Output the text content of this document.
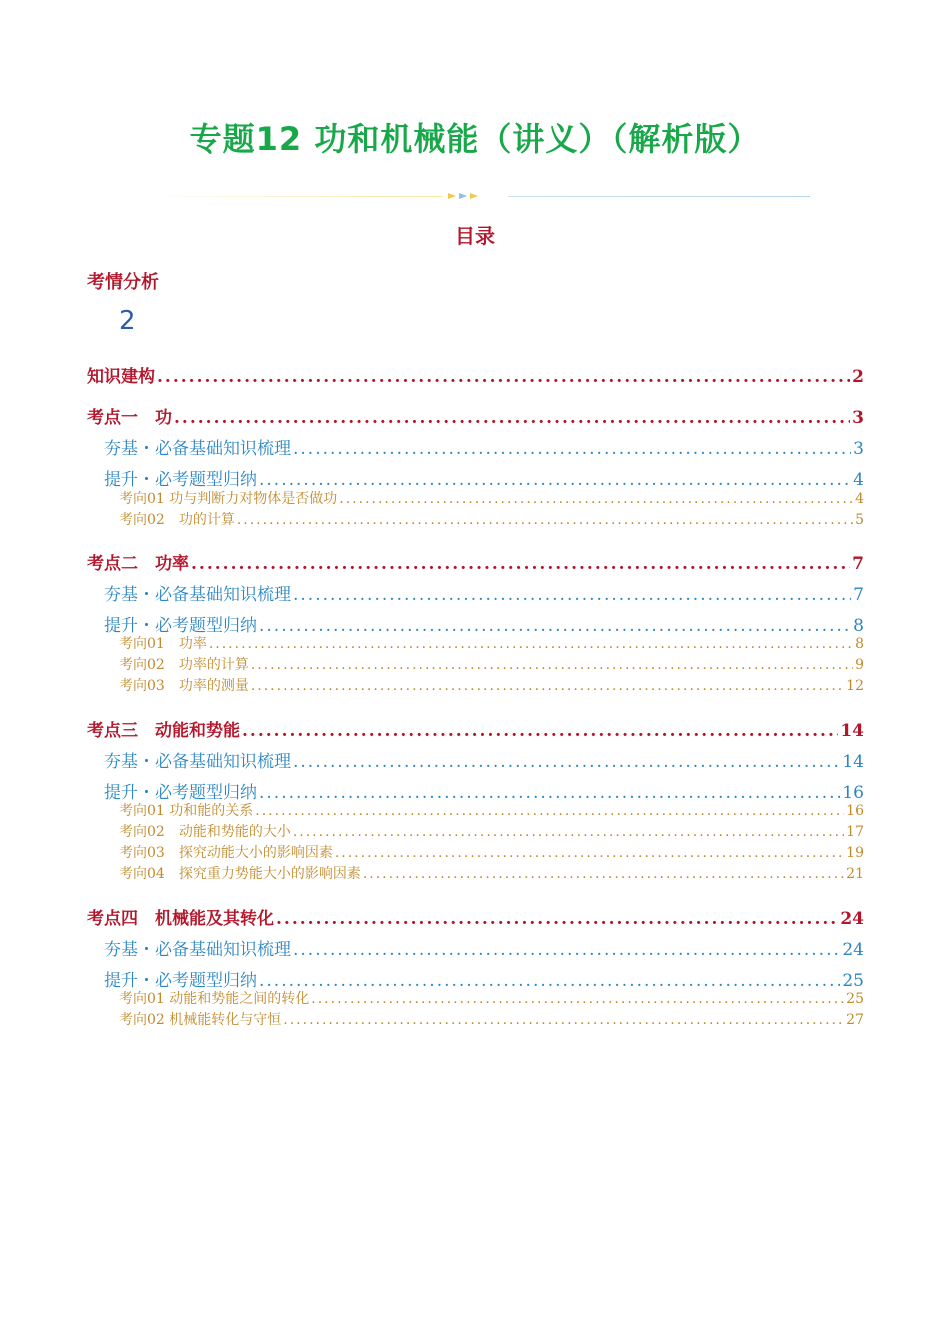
专题12 功和机械能（讲义）（解析版）
目录
考情分析
2
知识建构 .....	2
考点一　功 .....	3
夯基・必备基础知识梳理 .....	3
提升・必考题型归纳 .....	4
考向01 功与判断力对物体是否做功 .....	4
考向02　功的计算 .....	5
考点二　功率 .....	7
夯基・必备基础知识梳理 .....	7
提升・必考题型归纳 .....	8
考向01　功率 .....	8
考向02　功率的计算 .....	9
考向03　功率的测量 .....	12
考点三　动能和势能 .....	14
夯基・必备基础知识梳理 .....	14
提升・必考题型归纳 .....	16
考向01 功和能的关系 .....	16
考向02　动能和势能的大小 .....	17
考向03　探究动能大小的影响因素 .....	19
考向04　探究重力势能大小的影响因素 .....	21
考点四　机械能及其转化 .....	24
夯基・必备基础知识梳理 .....	24
提升・必考题型归纳 .....	25
考向01 动能和势能之间的转化 .....	25
考向02 机械能转化与守恒 .....	27
